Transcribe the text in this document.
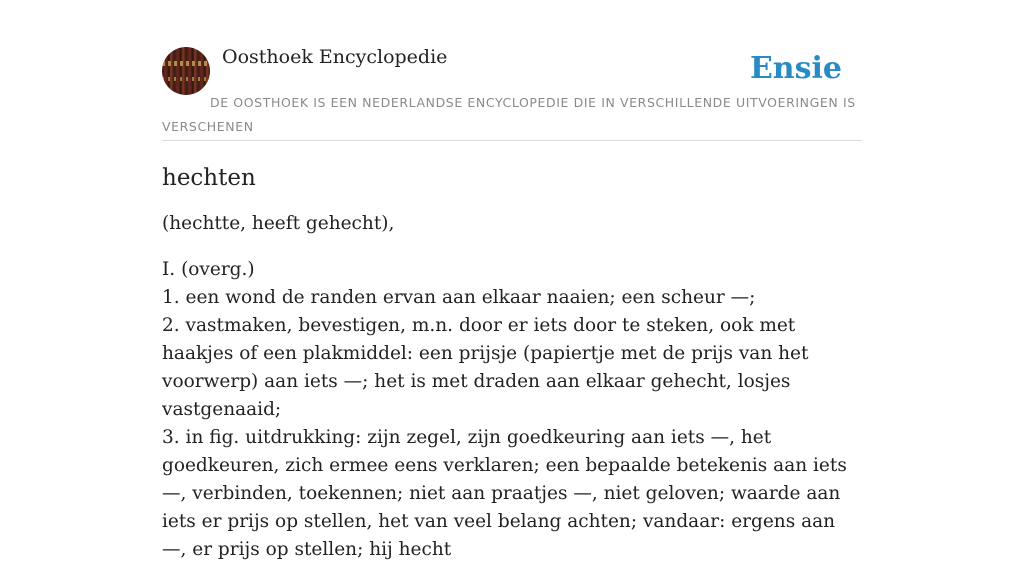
Oosthoek Encyclopedie	Ensie
DE OOSTHOEK IS EEN NEDERLANDSE ENCYCLOPEDIE DIE IN VERSCHILLENDE UITVOERINGEN IS VERSCHENEN
hechten

(hechtte, heeft gehecht),

I. (overg.)
1. een wond de randen ervan aan elkaar naaien; een scheur —;
2. vastmaken, bevestigen, m.n. door er iets door te steken, ook met haakjes of een plakmiddel: een prijsje (papiertje met de prijs van het voorwerp) aan iets —; het is met draden aan elkaar gehecht, losjes vastgenaaid;
3. in fig. uitdrukking: zijn zegel, zijn goedkeuring aan iets —, het goedkeuren, zich ermee eens verklaren; een bepaalde betekenis aan iets —, verbinden, toekennen; niet aan praatjes —, niet geloven; waarde aan iets er prijs op stellen, het van veel belang achten; vandaar: ergens aan —, er prijs op stellen; hij hecht
